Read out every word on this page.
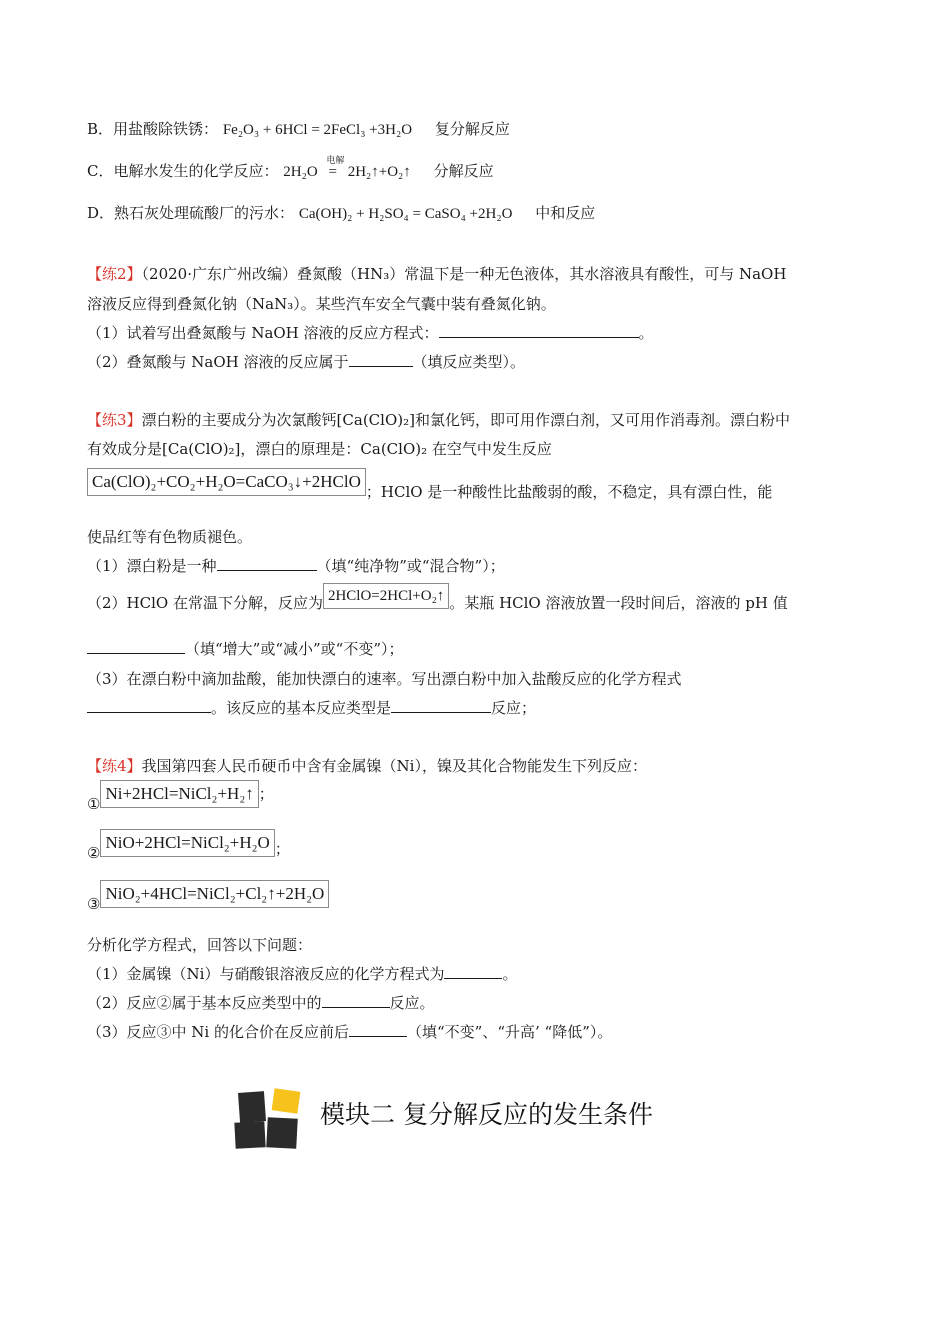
B．用盐酸除铁锈： Fe₂O₃ + 6HCl = 2FeCl₃ +3H₂O 复分解反应
C．电解水发生的化学反应： 2H₂O
电解
= 2H₂↑+O₂↑ 分解反应
D．熟石灰处理硫酸厂的污水： Ca(OH)₂ + H₂SO₄ = CaSO₄ +2H₂O 中和反应
【练2】（2020·广东广州改编）叠氮酸（HN₃）常温下是一种无色液体，其水溶液具有酸性，可与 NaOH
溶液反应得到叠氮化钠（NaN₃）。某些汽车安全气囊中装有叠氮化钠。
（1）试着写出叠氮酸与 NaOH 溶液的反应方程式：	。
（2）叠氮酸与 NaOH 溶液的反应属于	（填反应类型）。
【练3】漂白粉的主要成分为次氯酸钙[Ca(ClO)₂]和氯化钙，即可用作漂白剂，又可用作消毒剂。漂白粉中
有效成分是[Ca(ClO)₂]，漂白的原理是：Ca(ClO)₂ 在空气中发生反应
Ca(ClO)₂+CO₂+H₂O=CaCO₃↓+2HClO；HClO 是一种酸性比盐酸弱的酸，不稳定，具有漂白性，能
使品红等有色物质褪色。
（1）漂白粉是一种	（填“纯净物”或“混合物”）；
（2）HClO 在常温下分解，反应为 2HClO=2HCl+O₂↑ 。某瓶 HClO 溶液放置一段时间后，溶液的 pH 值
（填“增大”或“减小”或“不变”）；
（3）在漂白粉中滴加盐酸，能加快漂白的速率。写出漂白粉中加入盐酸反应的化学方程式
。该反应的基本反应类型是	反应；
【练4】我国第四套人民币硬币中含有金属镍（Ni），镍及其化合物能发生下列反应：
①Ni+2HCl=NiCl₂+H₂↑ ；
②NiO+2HCl=NiCl₂+H₂O ；
③NiO₂+4HCl=NiCl₂+Cl₂↑+2H₂O
分析化学方程式，回答以下问题：
（1）金属镍（Ni）与硝酸银溶液反应的化学方程式为	。
（2）反应②属于基本反应类型中的	反应。
（3）反应③中 Ni 的化合价在反应前后	（填“不变”、“升高’ “降低”）。
模块二 复分解反应的发生条件
